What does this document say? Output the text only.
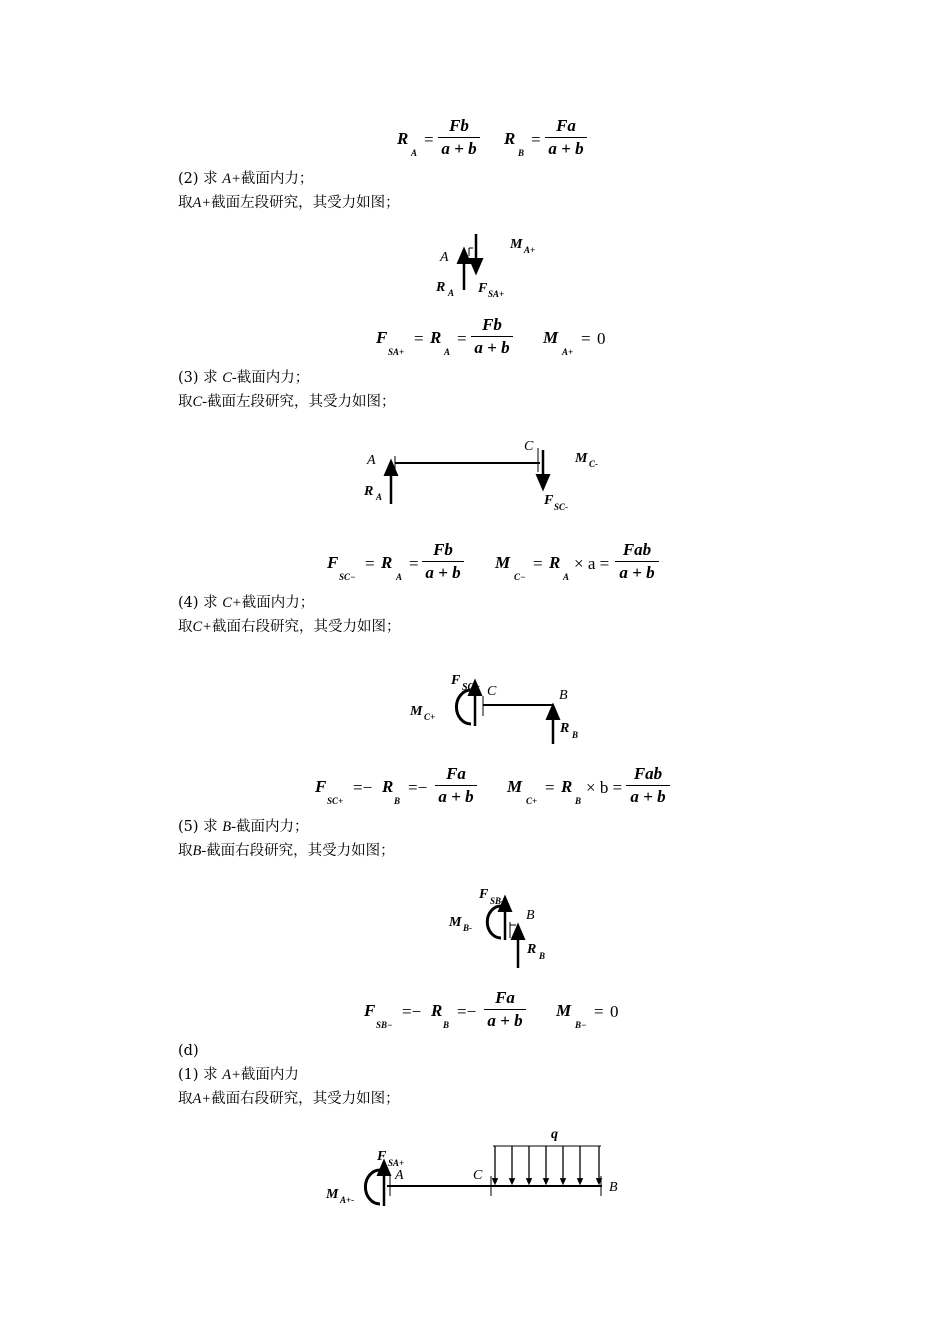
R
A
=
Fb
a + b
R
B
=
Fa
a + b
(2) 求 A+截面内力；
取A+截面左段研究，其受力如图；
A
M A+
R A F SA+
F
SA+
= R
A
=
Fb
a + b
M
A+
= 0
(3) 求 C-截面内力；
取C-截面左段研究，其受力如图；
A
C
M C-
R A	F SC-
F
SC−
= R
A
=
Fb
a + b
M
C−
= R
A
× a =
Fab
a + b
(4) 求 C+截面内力；
取C+截面右段研究，其受力如图；
F SC+ C	B
M C+
R B
F
SC+
=− R
B
=−
Fa
a + b
M
C+
= R
B
× b =
Fab
a + b
(5) 求 B-截面内力；
取B-截面右段研究，其受力如图；
F SB-
B
M B-
R B
F
SB−
=− R
B
=−
Fa
a + b
M
B−
= 0
(d)
(1) 求 A+截面内力
取A+截面右段研究，其受力如图；
q
F SA+
A	C
B
M A+-
